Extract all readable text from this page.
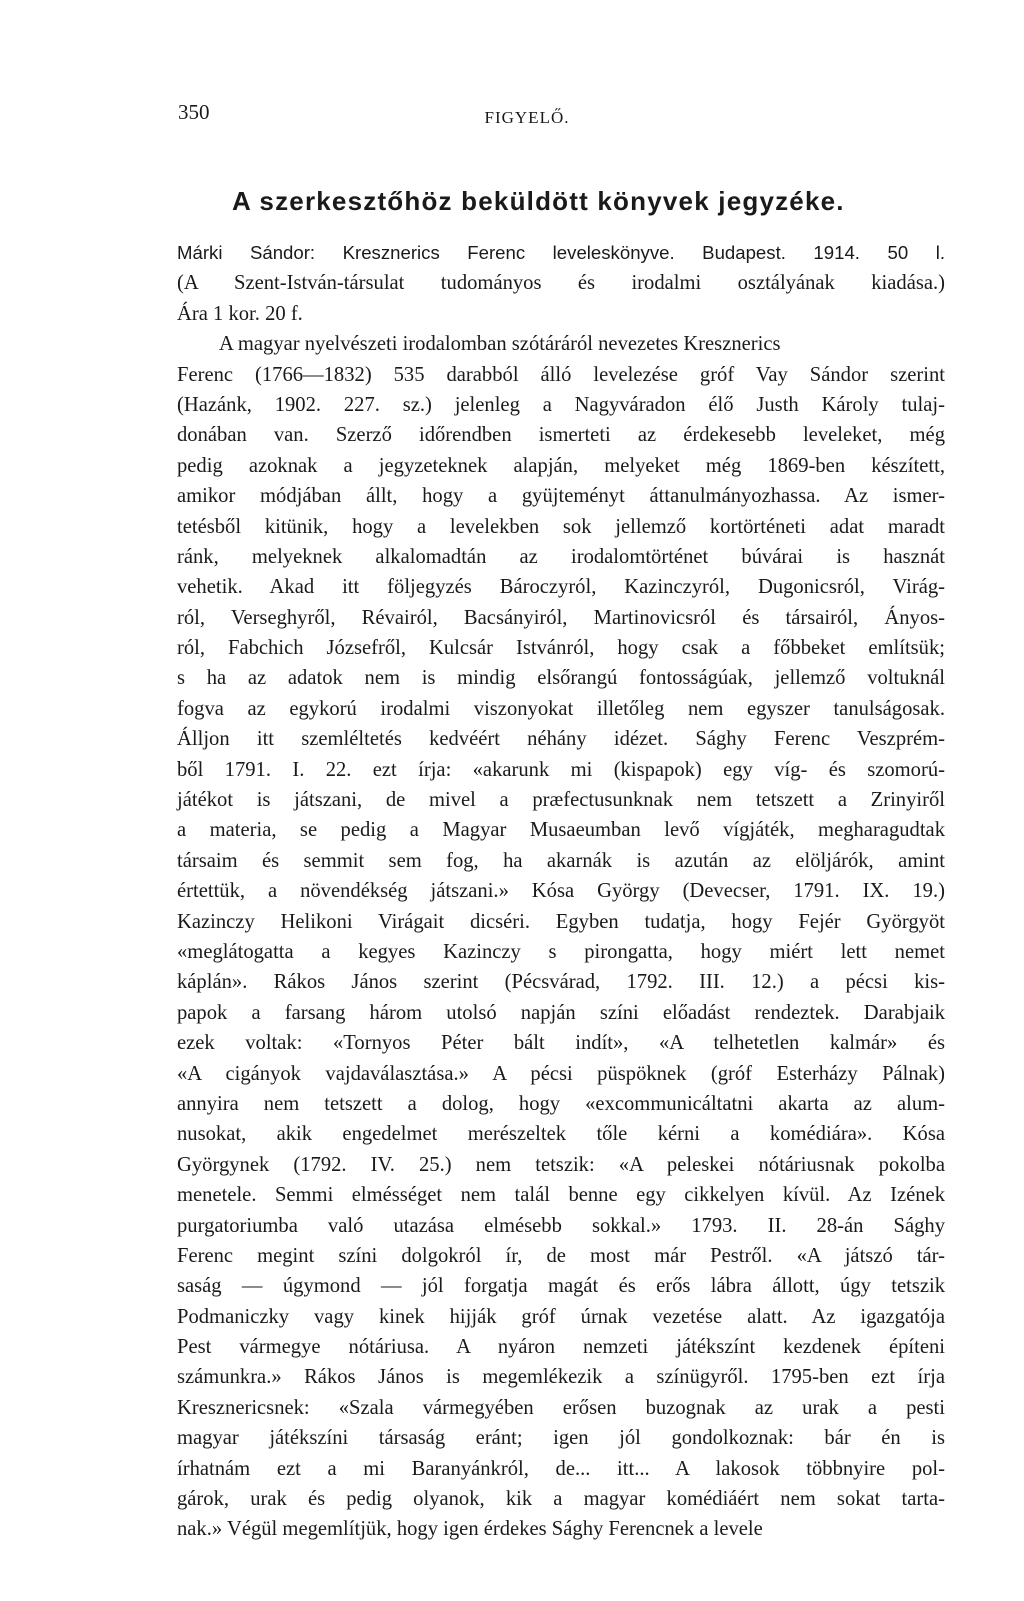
350	FIGYELŐ.
A szerkesztőhöz beküldött könyvek jegyzéke.
Márki Sándor: Kresznerics Ferenc leveleskönyve. Budapest. 1914. 50 l.
(A Szent-István-társulat tudományos és irodalmi osztályának kiadása.)
Ára 1 kor. 20 f.
A magyar nyelvészeti irodalomban szótáráról nevezetes Kresznerics
Ferenc (1766—1832) 535 darabból álló levelezése gróf Vay Sándor szerint
(Hazánk, 1902. 227. sz.) jelenleg a Nagyváradon élő Justh Károly tulaj-
donában van. Szerző időrendben ismerteti az érdekesebb leveleket, még
pedig azoknak a jegyzeteknek alapján, melyeket még 1869-ben készített,
amikor módjában állt, hogy a gyüjteményt áttanulmányozhassa. Az ismer-
tetésből kitünik, hogy a levelekben sok jellemző kortörténeti adat maradt
ránk, melyeknek alkalomadtán az irodalomtörténet búvárai is hasznát
vehetik. Akad itt följegyzés Bároczyról, Kazinczyról, Dugonicsról, Virág-
ról, Verseghyről, Révairól, Bacsányiról, Martinovicsról és társairól, Ányos-
ról, Fabchich Józsefről, Kulcsár Istvánról, hogy csak a főbbeket említsük;
s ha az adatok nem is mindig elsőrangú fontosságúak, jellemző voltuknál
fogva az egykorú irodalmi viszonyokat illetőleg nem egyszer tanulságosak.
Álljon itt szemléltetés kedvéért néhány idézet. Sághy Ferenc Veszprém-
ből 1791. I. 22. ezt írja: «akarunk mi (kispapok) egy víg- és szomorú-
játékot is játszani, de mivel a præfectusunknak nem tetszett a Zrinyiről
a materia, se pedig a Magyar Musaeumban levő vígjáték, megharagudtak
társaim és semmit sem fog, ha akarnák is azután az elöljárók, amint
értettük, a növendékség játszani.» Kósa György (Devecser, 1791. IX. 19.)
Kazinczy Helikoni Virágait dicséri. Egyben tudatja, hogy Fejér Györgyöt
«meglátogatta a kegyes Kazinczy s pirongatta, hogy miért lett nemet
káplán». Rákos János szerint (Pécsvárad, 1792. III. 12.) a pécsi kis-
papok a farsang három utolsó napján színi előadást rendeztek. Darabjaik
ezek voltak: «Tornyos Péter bált indít», «A telhetetlen kalmár» és
«A cigányok vajdaválasztása.» A pécsi püspöknek (gróf Esterházy Pálnak)
annyira nem tetszett a dolog, hogy «excommunicáltatni akarta az alum-
nusokat, akik engedelmet merészeltek tőle kérni a komédiára». Kósa
Györgynek (1792. IV. 25.) nem tetszik: «A peleskei nótáriusnak pokolba
menetele. Semmi elmésséget nem talál benne egy cikkelyen kívül. Az Izének
purgatoriumba való utazása elmésebb sokkal.» 1793. II. 28-án Sághy
Ferenc megint színi dolgokról ír, de most már Pestről. «A játszó tár-
saság — úgymond — jól forgatja magát és erős lábra állott, úgy tetszik
Podmaniczky vagy kinek hijják gróf úrnak vezetése alatt. Az igazgatója
Pest vármegye nótáriusa. A nyáron nemzeti játékszínt kezdenek építeni
számunkra.» Rákos János is megemlékezik a színügyről. 1795-ben ezt írja
Kresznericsnek: «Szala vármegyében erősen buzognak az urak a pesti
magyar játékszíni társaság eránt; igen jól gondolkoznak: bár én is
írhatnám ezt a mi Baranyánkról, de... itt... A lakosok többnyire pol-
gárok, urak és pedig olyanok, kik a magyar komédiáért nem sokat tarta-
nak.» Végül megemlítjük, hogy igen érdekes Sághy Ferencnek a levele
